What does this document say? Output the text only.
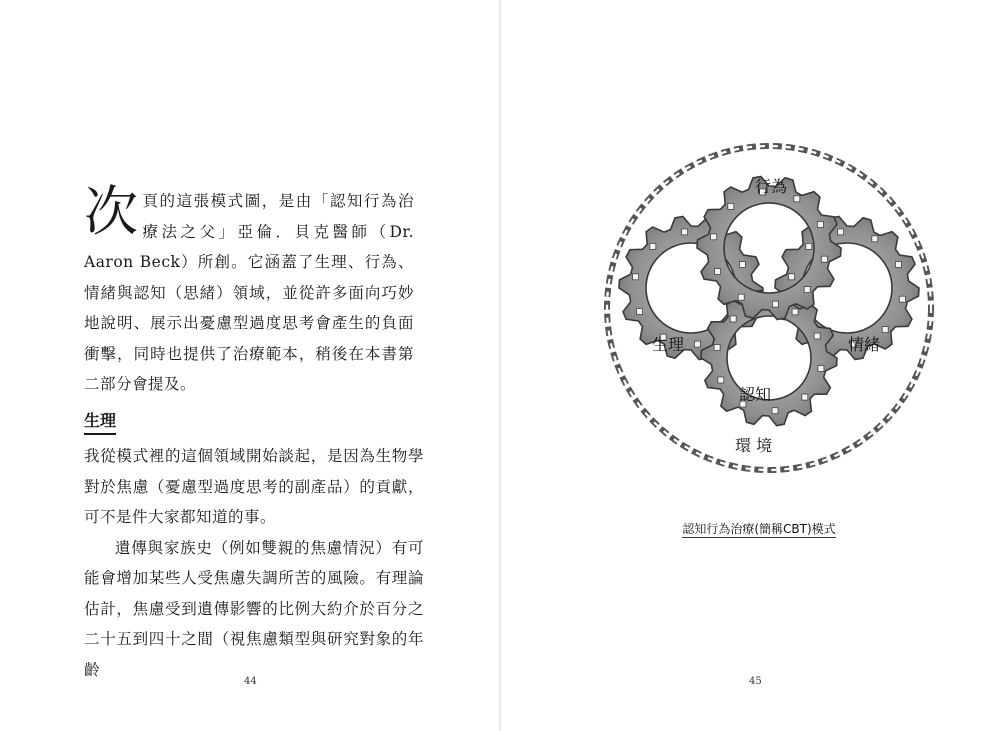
次 頁的這張模式圖，是由「認知行為治療法之父」亞倫．貝克醫師（Dr. Aaron Beck）所創。它涵蓋了生理、行為、情緒與認知（思緒）領域，並從許多面向巧妙地說明、展示出憂慮型過度思考會產生的負面衝擊，同時也提供了治療範本，稍後在本書第二部分會提及。

生理

我從模式裡的這個領域開始談起，是因為生物學對於焦慮（憂慮型過度思考的副產品）的貢獻，可不是件大家都知道的事。

遺傳與家族史（例如雙親的焦慮情況）有可能會增加某些人受焦慮失調所苦的風險。有理論估計，焦慮受到遺傳影響的比例大約介於百分之二十五到四十之間（視焦慮類型與研究對象的年齡

44
行為
生理	情緒
認知
環 境
認知行為治療(簡稱CBT)模式
45
